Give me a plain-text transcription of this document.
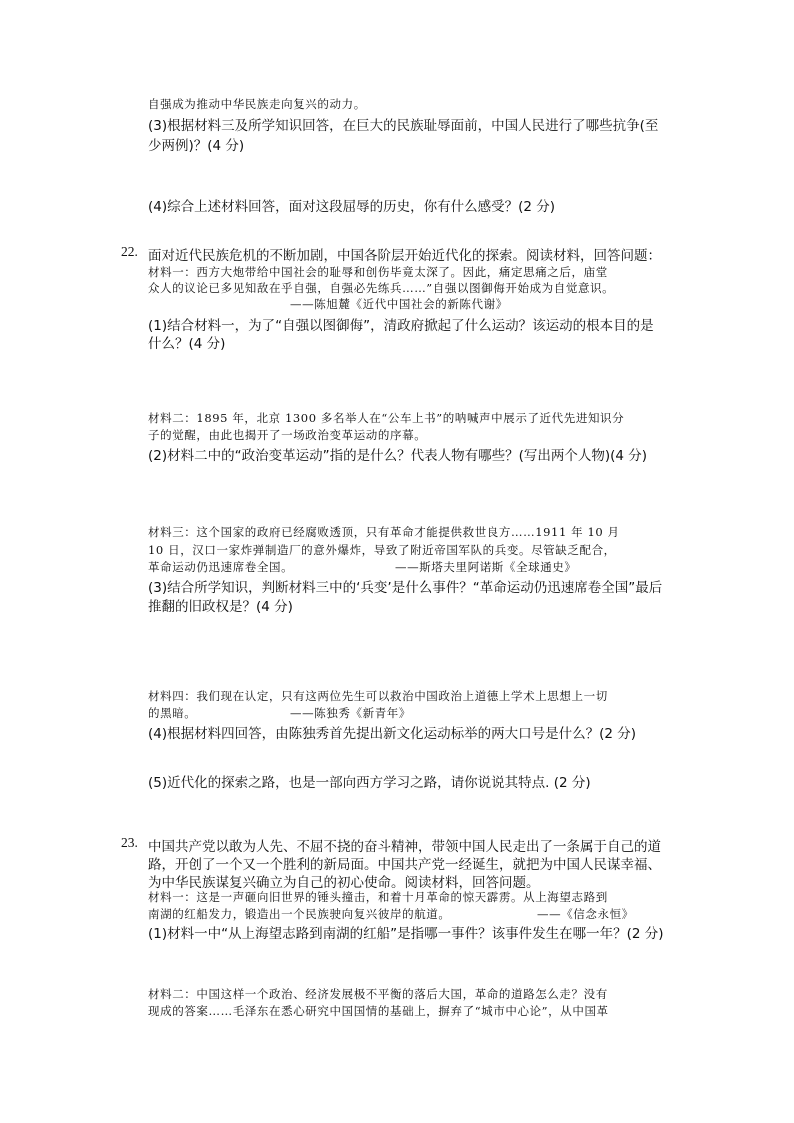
自强成为推动中华民族走向复兴的动力。

(3)根据材料三及所学知识回答，在巨大的民族耻辱面前，中国人民进行了哪些抗争(至

少两例)？(4 分)

(4)综合上述材料回答，面对这段屈辱的历史，你有什么感受？(2 分)

22. 面对近代民族危机的不断加剧，中国各阶层开始近代化的探索。阅读材料，回答问题：

材料一：西方大炮带给中国社会的耻辱和创伤毕竟太深了。因此，痛定思痛之后，庙堂

众人的议论已多见知敌在乎自强，自强必先练兵……”自强以图御侮开始成为自觉意识。

——陈旭麓《近代中国社会的新陈代谢》

(1)结合材料一，为了“自强以图御侮”，清政府掀起了什么运动？该运动的根本目的是

什么？(4 分)

材料二：1895 年，北京 1300 多名举人在“公车上书”的呐喊声中展示了近代先进知识分

子的觉醒，由此也揭开了一场政治变革运动的序幕。

(2)材料二中的“政治变革运动”指的是什么？代表人物有哪些？(写出两个人物)(4 分)

材料三：这个国家的政府已经腐败透顶，只有革命才能提供救世良方……1911 年 10 月

10 日，汉口一家炸弹制造厂的意外爆炸，导致了附近帝国军队的兵变。尽管缺乏配合，

革命运动仍迅速席卷全国。	——斯塔夫里阿诺斯《全球通史》

(3)结合所学知识，判断材料三中的‘兵变’是什么事件？“革命运动仍迅速席卷全国”最后

推翻的旧政权是？(4 分)

材料四：我们现在认定，只有这两位先生可以救治中国政治上道德上学术上思想上一切

的黑暗。	——陈独秀《新青年》

(4)根据材料四回答，由陈独秀首先提出新文化运动标举的两大口号是什么？(2 分)

(5)近代化的探索之路，也是一部向西方学习之路，请你说说其特点. (2 分)

23. 中国共产党以敢为人先、不屈不挠的奋斗精神，带领中国人民走出了一条属于自己的道

路，开创了一个又一个胜利的新局面。中国共产党一经诞生，就把为中国人民谋幸福、

为中华民族谋复兴确立为自己的初心使命。阅读材料，回答问题。

材料一：这是一声砸向旧世界的锤头撞击，和着十月革命的惊天霹雳。从上海望志路到

南湖的红船发力，锻造出一个民族驶向复兴彼岸的航道。	——《信念永恒》

(1)材料一中“从上海望志路到南湖的红船”是指哪一事件？该事件发生在哪一年？(2 分)

材料二：中国这样一个政治、经济发展极不平衡的落后大国，革命的道路怎么走？没有

现成的答案……毛泽东在悉心研究中国国情的基础上，摒弃了“城市中心论”，从中国革
